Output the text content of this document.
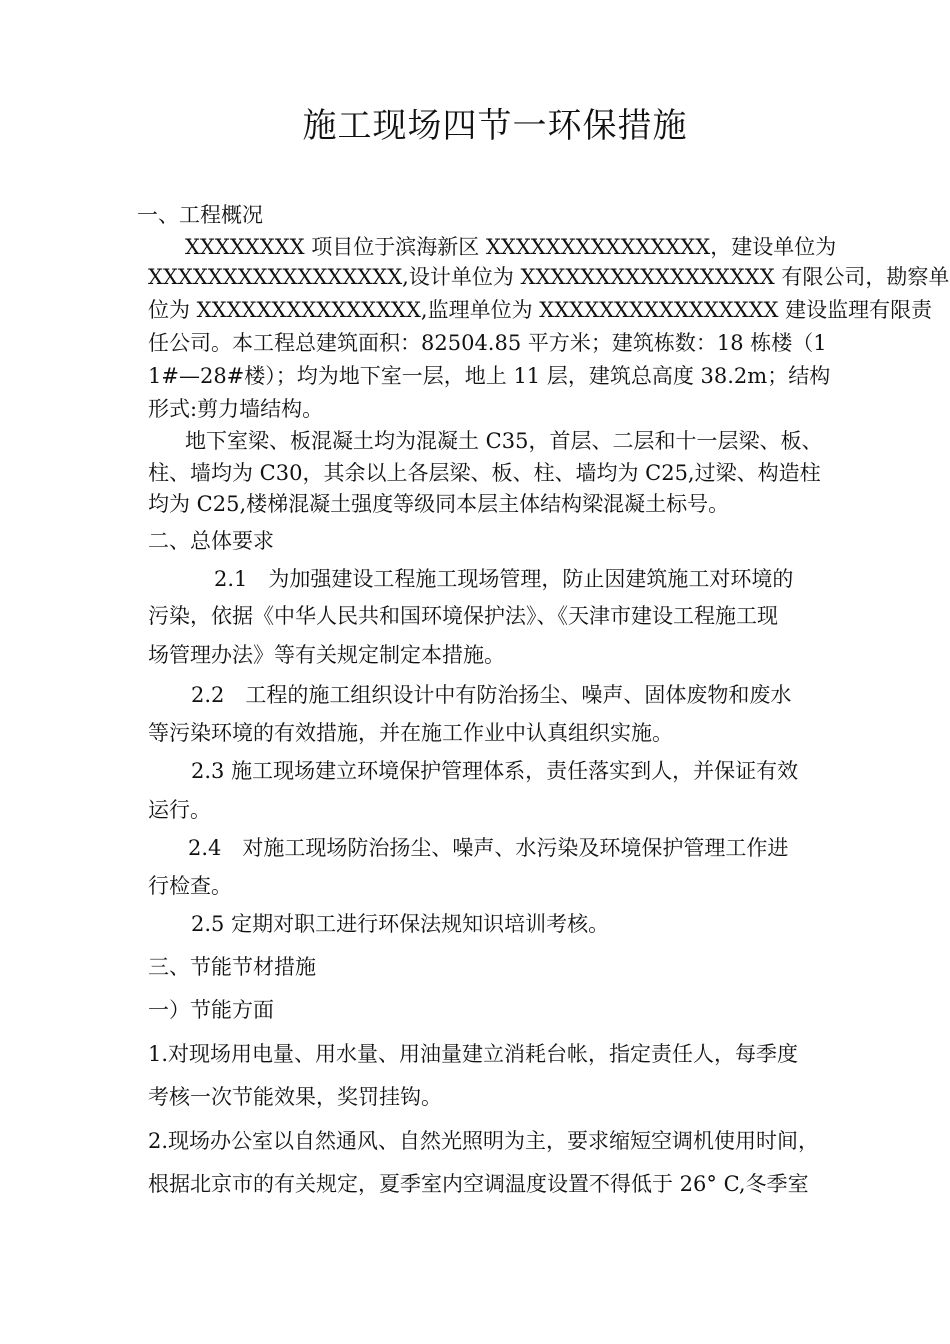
施工现场四节一环保措施
一、工程概况
XXXXXXXX 项目位于滨海新区 XXXXXXXXXXXXXXX，建设单位为
XXXXXXXXXXXXXXXXX,设计单位为 XXXXXXXXXXXXXXXXX 有限公司，勘察单
位为 XXXXXXXXXXXXXXX,监理单位为 XXXXXXXXXXXXXXXX 建设监理有限责
任公司。本工程总建筑面积：82504.85 平方米；建筑栋数：18 栋楼（1
1#—28#楼）；均为地下室一层，地上 11 层，建筑总高度 38.2m；结构
形式:剪力墙结构。
地下室梁、板混凝土均为混凝土 C35，首层、二层和十一层梁、板、
柱、墙均为 C30，其余以上各层梁、板、柱、墙均为 C25,过梁、构造柱
均为 C25,楼梯混凝土强度等级同本层主体结构梁混凝土标号。
二、总体要求
2.1　为加强建设工程施工现场管理，防止因建筑施工对环境的
污染，依据《中华人民共和国环境保护法》、《天津市建设工程施工现
场管理办法》等有关规定制定本措施。
2.2　工程的施工组织设计中有防治扬尘、噪声、固体废物和废水
等污染环境的有效措施，并在施工作业中认真组织实施。
2.3 施工现场建立环境保护管理体系，责任落实到人，并保证有效
运行。
2.4　对施工现场防治扬尘、噪声、水污染及环境保护管理工作进
行检查。
2.5 定期对职工进行环保法规知识培训考核。
三、节能节材措施
一）节能方面
1.对现场用电量、用水量、用油量建立消耗台帐，指定责任人，每季度
考核一次节能效果，奖罚挂钩。
2.现场办公室以自然通风、自然光照明为主，要求缩短空调机使用时间，
根据北京市的有关规定，夏季室内空调温度设置不得低于 26° C,冬季室
